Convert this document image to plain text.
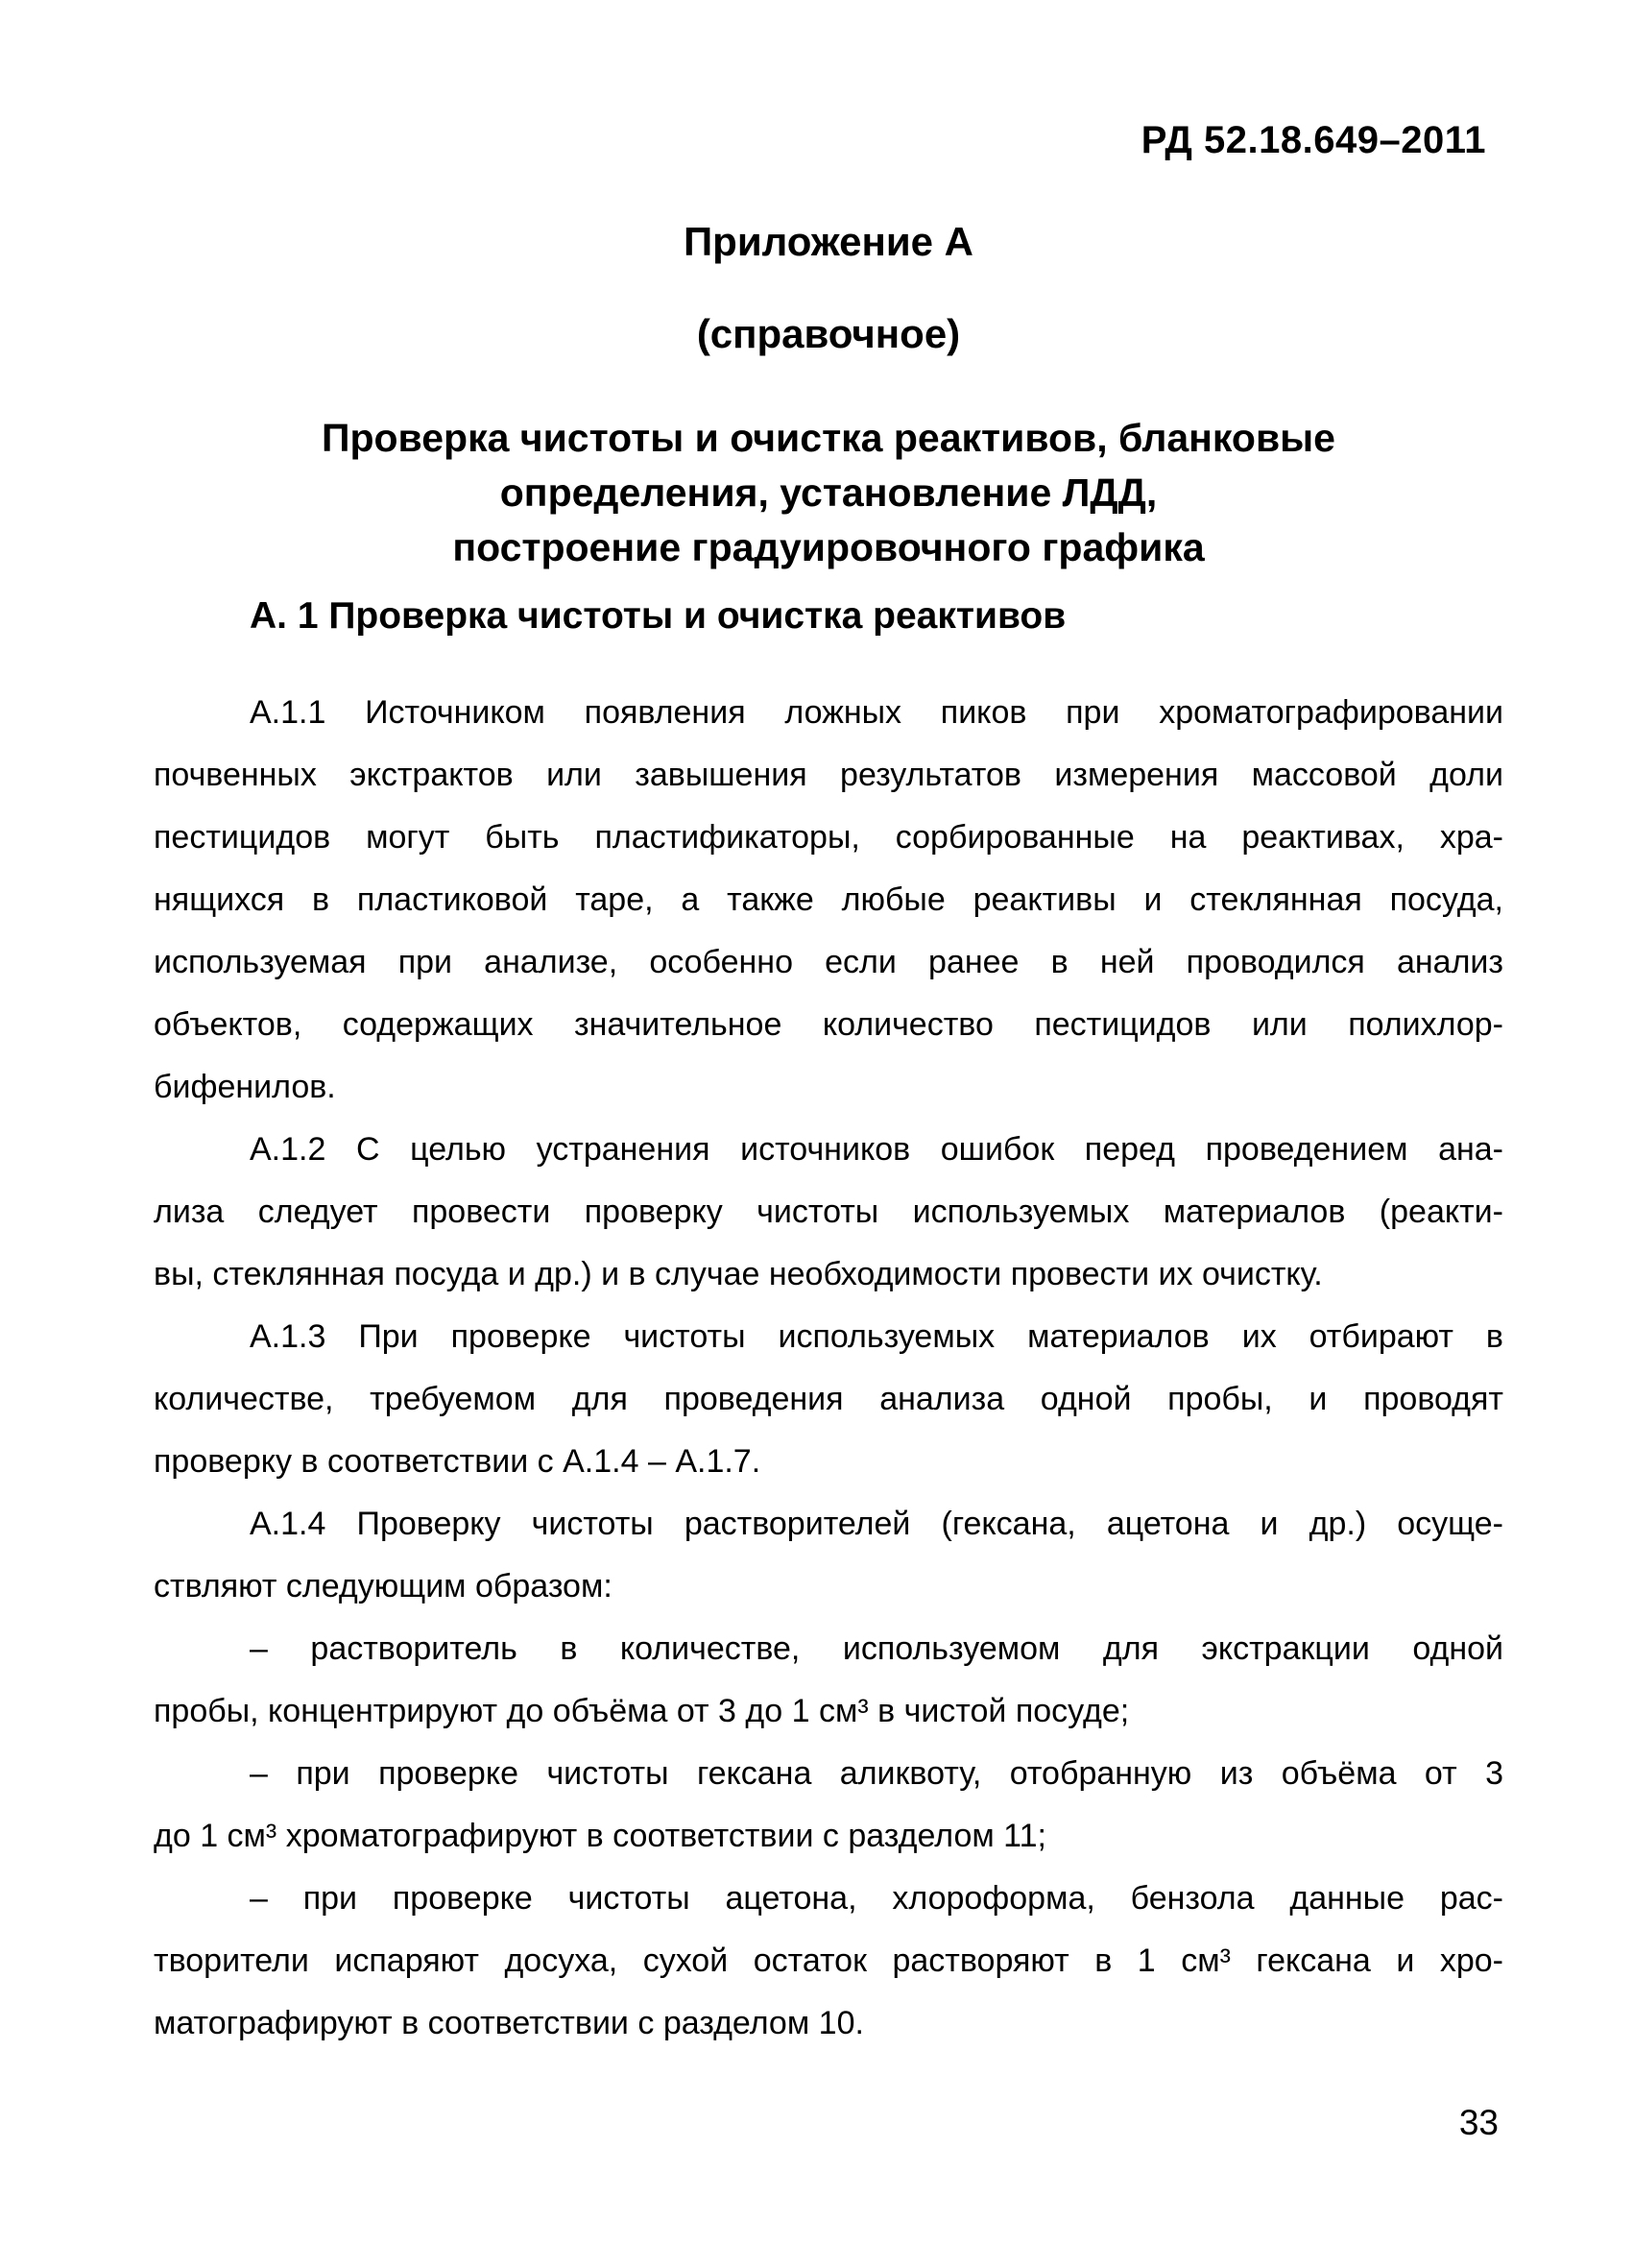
РД 52.18.649–2011
Приложение А
(справочное)
Проверка чистоты и очистка реактивов, бланковые
определения, установление ЛДД,
построение градуировочного графика
А. 1 Проверка чистоты и очистка реактивов
А.1.1 Источником появления ложных пиков при хроматографировании
почвенных экстрактов или завышения результатов измерения массовой доли
пестицидов могут быть пластификаторы, сорбированные на реактивах, хра-
нящихся в пластиковой таре, а также любые реактивы и стеклянная посуда,
используемая при анализе, особенно если ранее в ней проводился анализ
объектов, содержащих значительное количество пестицидов или полихлор-
бифенилов.
А.1.2 С целью устранения источников ошибок перед проведением ана-
лиза следует провести проверку чистоты используемых материалов (реакти-
вы, стеклянная посуда и др.) и в случае необходимости провести их очистку.
А.1.3 При проверке чистоты используемых материалов их отбирают в
количестве, требуемом для проведения анализа одной пробы, и проводят
проверку в соответствии с А.1.4 – А.1.7.
А.1.4 Проверку чистоты растворителей (гексана, ацетона и др.) осуще-
ствляют следующим образом:
– растворитель в количестве, используемом для экстракции одной
пробы, концентрируют до объёма от 3 до 1 см³ в чистой посуде;
– при проверке чистоты гексана аликвоту, отобранную из объёма от 3
до 1 см³ хроматографируют в соответствии с разделом 11;
– при проверке чистоты ацетона, хлороформа, бензола данные рас-
творители испаряют досуха, сухой остаток растворяют в 1 см³ гексана и хро-
матографируют в соответствии с разделом 10.
33
